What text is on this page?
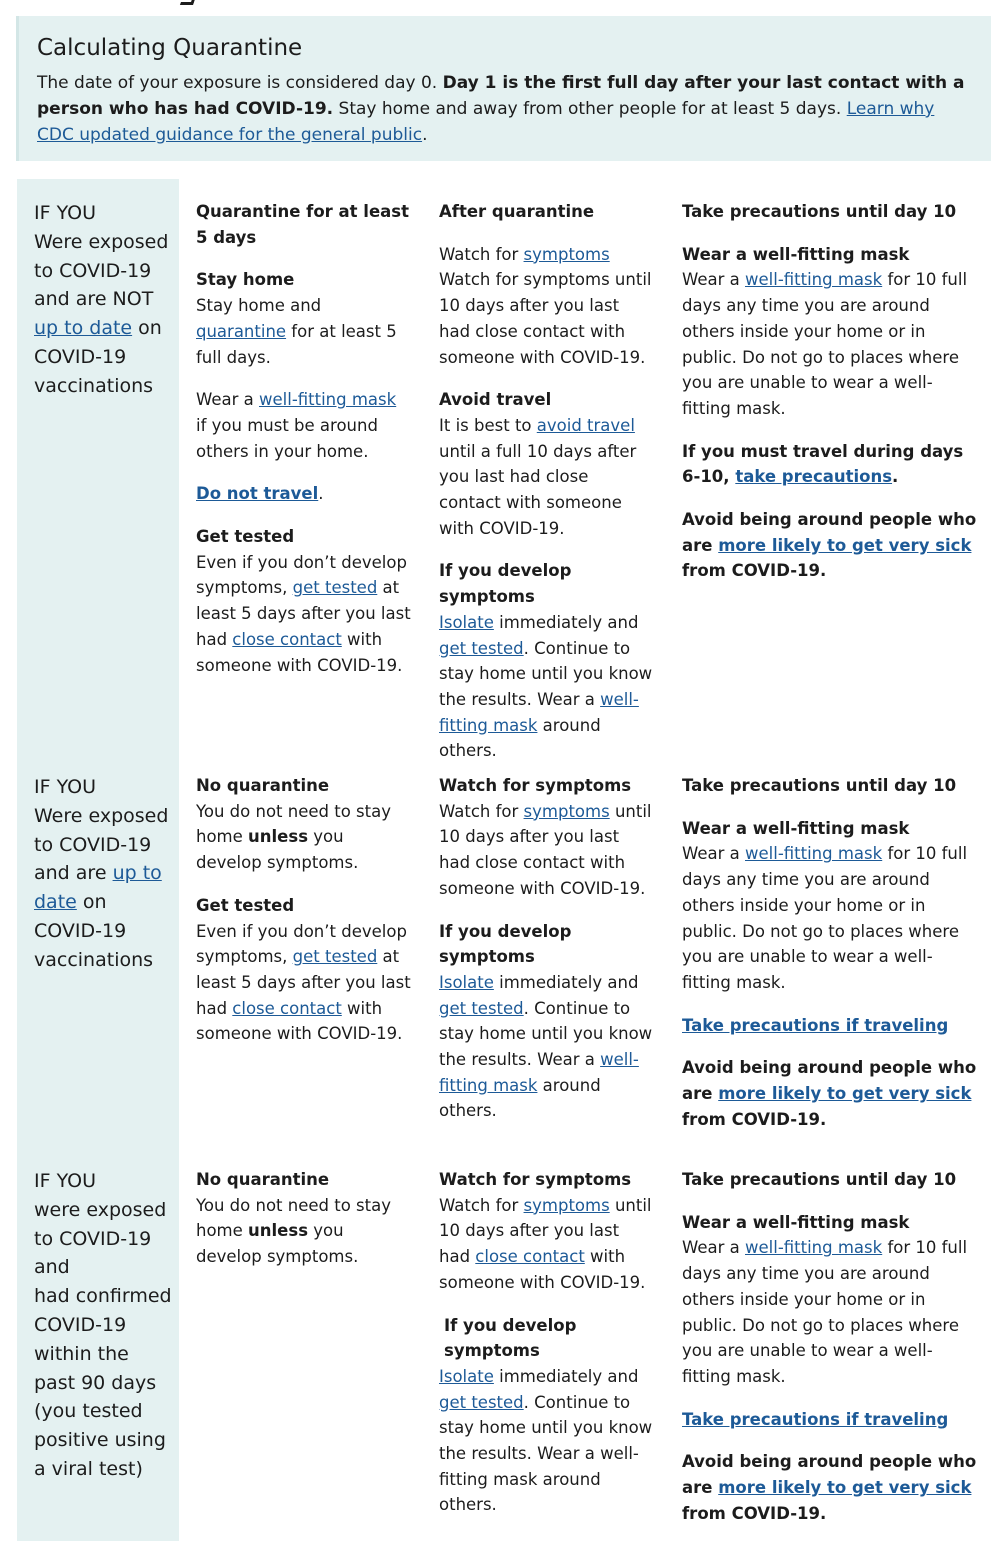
Calculating Quarantine

The date of your exposure is considered day 0. Day 1 is the first full day after your last contact with a person who has had COVID-19. Stay home and away from other people for at least 5 days. Learn why CDC updated guidance for the general public.

IF YOU
Were exposed to COVID-19 and are NOT up to date on COVID-19 vaccinations

Quarantine for at least 5 days

Stay home
Stay home and quarantine for at least 5 full days.

Wear a well-fitting mask if you must be around others in your home.

Do not travel.

Get tested
Even if you don’t develop symptoms, get tested at least 5 days after you last had close contact with someone with COVID-19.

After quarantine

Watch for symptoms
Watch for symptoms until 10 days after you last had close contact with someone with COVID-19.

Avoid travel
It is best to avoid travel until a full 10 days after you last had close contact with someone with COVID-19.

If you develop symptoms
Isolate immediately and get tested. Continue to stay home until you know the results. Wear a well-fitting mask around others.

Take precautions until day 10

Wear a well-fitting mask
Wear a well-fitting mask for 10 full days any time you are around others inside your home or in public. Do not go to places where you are unable to wear a well-fitting mask.

If you must travel during days 6-10, take precautions.

Avoid being around people who are more likely to get very sick from COVID-19.

IF YOU
Were exposed to COVID-19 and are up to date on COVID-19 vaccinations

No quarantine
You do not need to stay home unless you develop symptoms.

Get tested
Even if you don’t develop symptoms, get tested at least 5 days after you last had close contact with someone with COVID-19.

Watch for symptoms
Watch for symptoms until 10 days after you last had close contact with someone with COVID-19.

If you develop symptoms
Isolate immediately and get tested. Continue to stay home until you know the results. Wear a well-fitting mask around others.

Take precautions until day 10

Wear a well-fitting mask
Wear a well-fitting mask for 10 full days any time you are around others inside your home or in public. Do not go to places where you are unable to wear a well-fitting mask.

Take precautions if traveling

Avoid being around people who are more likely to get very sick from COVID-19.

IF YOU
were exposed to COVID-19 and
had confirmed COVID-19 within the past 90 days (you tested positive using a viral test)

No quarantine
You do not need to stay home unless you develop symptoms.

Watch for symptoms
Watch for symptoms until 10 days after you last had close contact with someone with COVID-19.

If you develop symptoms
Isolate immediately and get tested. Continue to stay home until you know the results. Wear a well-fitting mask around others.

Take precautions until day 10

Wear a well-fitting mask
Wear a well-fitting mask for 10 full days any time you are around others inside your home or in public. Do not go to places where you are unable to wear a well-fitting mask.

Take precautions if traveling

Avoid being around people who are more likely to get very sick from COVID-19.
